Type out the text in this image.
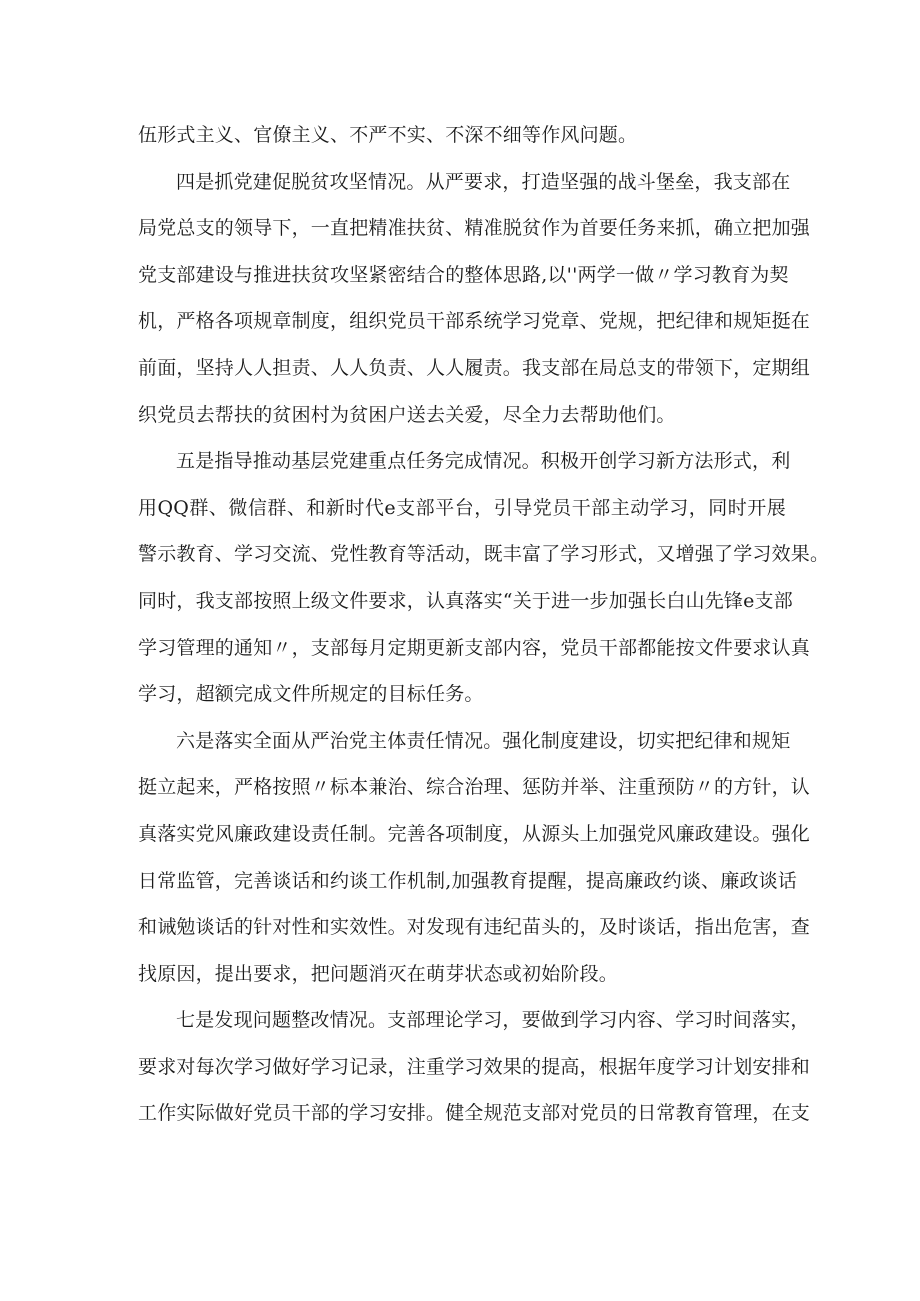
伍形式主义、官僚主义、不严不实、不深不细等作风问题。
四是抓党建促脱贫攻坚情况。从严要求，打造坚强的战斗堡垒，我支部在
局党总支的领导下，一直把精准扶贫、精准脱贫作为首要任务来抓，确立把加强
党支部建设与推进扶贫攻坚紧密结合的整体思路,以''两学一做〃学习教育为契
机，严格各项规章制度，组织党员干部系统学习党章、党规，把纪律和规矩挺在
前面，坚持人人担责、人人负责、人人履责。我支部在局总支的带领下，定期组
织党员去帮扶的贫困村为贫困户送去关爱，尽全力去帮助他们。
五是指导推动基层党建重点任务完成情况。积极开创学习新方法形式，利
用QQ群、微信群、和新时代e支部平台，引导党员干部主动学习，同时开展
警示教育、学习交流、党性教育等活动，既丰富了学习形式，又增强了学习效果。
同时，我支部按照上级文件要求，认真落实“关于进一步加强长白山先锋e支部
学习管理的通知〃，支部每月定期更新支部内容，党员干部都能按文件要求认真
学习，超额完成文件所规定的目标任务。
六是落实全面从严治党主体责任情况。强化制度建设，切实把纪律和规矩
挺立起来，严格按照〃标本兼治、综合治理、惩防并举、注重预防〃的方针，认
真落实党风廉政建设责任制。完善各项制度，从源头上加强党风廉政建设。强化
日常监管，完善谈话和约谈工作机制,加强教育提醒，提高廉政约谈、廉政谈话
和诫勉谈话的针对性和实效性。对发现有违纪苗头的，及时谈话，指出危害，查
找原因，提出要求，把问题消灭在萌芽状态或初始阶段。
七是发现问题整改情况。支部理论学习，要做到学习内容、学习时间落实，
要求对每次学习做好学习记录，注重学习效果的提高，根据年度学习计划安排和
工作实际做好党员干部的学习安排。健全规范支部对党员的日常教育管理，在支
